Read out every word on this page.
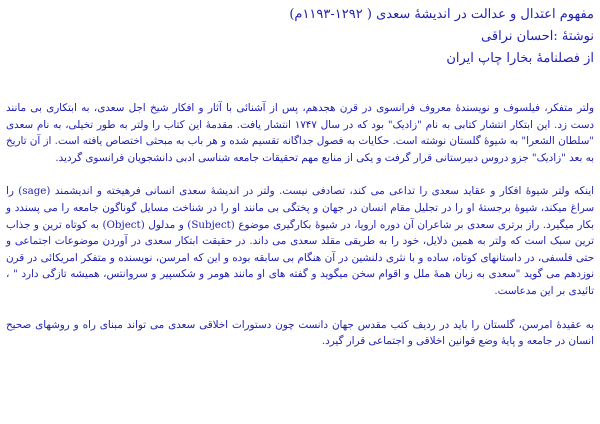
مفهوم اعتدال و عدالت در اندیشهٔ سعدی ( ۱۲۹۲-۱۱۹۳م)

نوشتهٔ :احسان نراقی

از فصلنامهٔ بخارا چاپ ایران

ولتر متفکر، فیلسوف و نویسندهٔ معروف فرانسوی در قرن هجدهم، پس از آشنائی با آثار و افکار شیخ اجل سعدی، به ابتکاری بی مانند دست زد. این ابتکار انتشار کتابی به نام "زادیک" بود که در سال ۱۷۴۷ انتشار یافت. مقدمهٔ این کتاب را ولتر به طور تخیلی، به نام سعدی "سلطان الشعرا" به شیوهٔ گلستان نوشته است. حکایات به فصول جداگانه تقسیم شده و هر باب به مبحثی اختصاص یافته است. از آن تاریخ به بعد "زادیک" جزو دروس دبیرستانی قرار گرفت و یکی از منابع مهم تحقیقات جامعه شناسی ادبی دانشجویان فرانسوی گردید.

اینکه ولتر شیوهٔ افکار و عقاید سعدی را تداعی می کند، تصادفی نیست. ولتر در اندیشهٔ سعدی انسانی فرهیخته و اندیشمند (sage) را سراغ میکند، شیوهٔ برجستهٔ او را در تجلیل مقام انسان در جهان و پختگی بی مانند او را در شناخت مسایل گوناگون جامعه را می پسندد و بکار میگیرد. راز برتری سعدی بر شاعران آن دوره اروپا، در شیوهٔ بکارگیری موضوع (Subject) و مدلول (Object) به کوتاه ترین و جذاب ترین سبک است که ولتر به همین دلایل، خود را به طریقی مقلد سعدی می داند. در حقیقت ابتکار سعدی در آوردن موضوعات اجتماعی و حتی فلسفی، در داستانهای کوتاه، ساده و با نثری دلنشین در آن هنگام بی سابقه بوده و این که امرسن، نویسنده و متفکر امریکائی در قرن نوزدهم می گوید "سعدی به زبان همهٔ ملل و اقوام سخن میگوید و گفته های او مانند هومر و شکسپیر و سروانتس، همیشه تازگی دارد " ، تائیدی بر این مدعاست.

به عقیدهٔ امرسن، گلستان را باید در ردیف کتب مقدس جهان دانست چون دستورات اخلاقی سعدی می تواند مبنای راه و روشهای صحیح انسان در جامعه و پایهٔ وضع قوانین اخلاقی و اجتماعی قرار گیرد.
